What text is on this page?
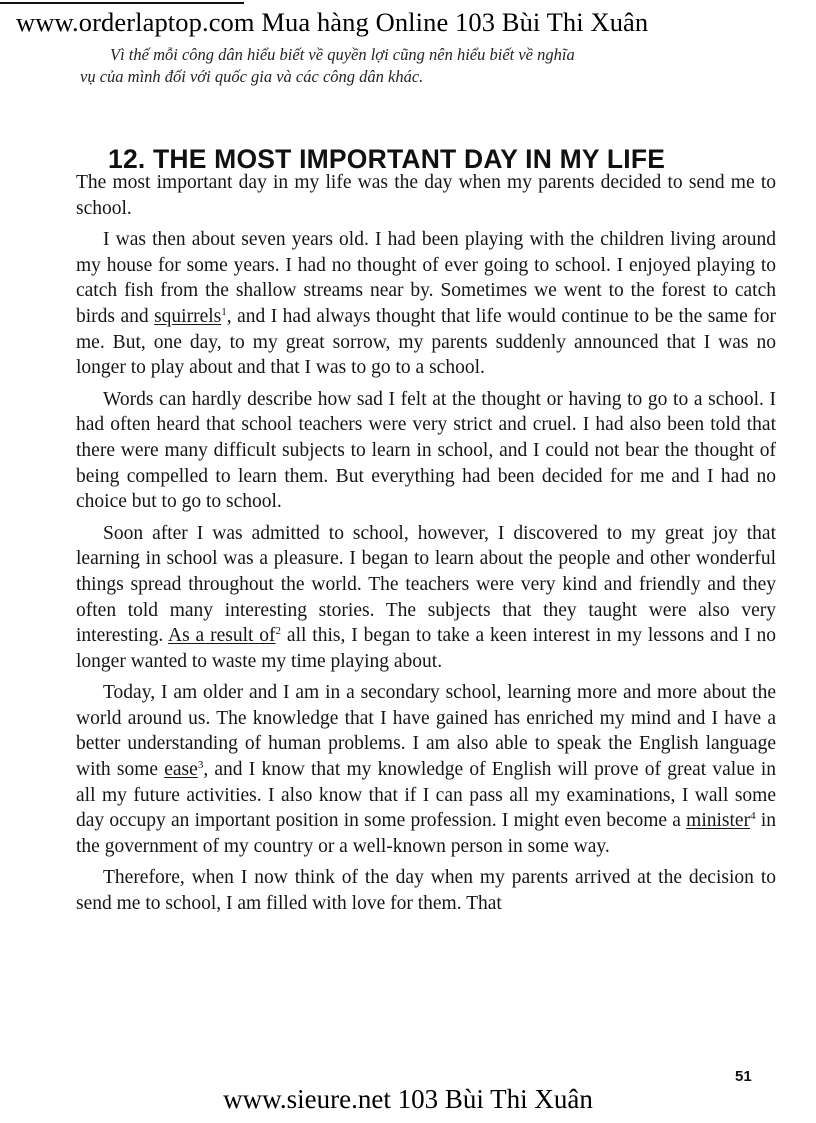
www.orderlaptop.com Mua hàng Online 103 Bùi Thi Xuân
Vì thế mỗi công dân hiểu biết về quyền lợi cũng nên hiểu biết về nghĩa
vụ của mình đối với quốc gia và các công dân khác.
12. THE MOST IMPORTANT DAY IN MY LIFE

The most important day in my life was the day when my parents decided to send me to school.

I was then about seven years old. I had been playing with the children living around my house for some years. I had no thought of ever going to school. I enjoyed playing to catch fish from the shallow streams near by. Sometimes we went to the forest to catch birds and squirrels$^1$, and I had always thought that life would continue to be the same for me. But, one day, to my great sorrow, my parents suddenly announced that I was no longer to play about and that I was to go to a school.

Words can hardly describe how sad I felt at the thought or having to go to a school. I had often heard that school teachers were very strict and cruel. I had also been told that there were many difficult subjects to learn in school, and I could not bear the thought of being compelled to learn them. But everything had been decided for me and I had no choice but to go to school.

Soon after I was admitted to school, however, I discovered to my great joy that learning in school was a pleasure. I began to learn about the people and other wonderful things spread throughout the world. The teachers were very kind and friendly and they often told many interesting stories. The subjects that they taught were also very interesting. As a result $of^2$ all this, I began to take a keen interest in my lessons and I no longer wanted to waste my time playing about.

Today, I am older and I am in a secondary school, learning more and more about the world around us. The knowledge that I have gained has enriched my mind and I have a better understanding of human problems. I am also able to speak the English language with some ease$^3$, and I know that my knowledge of English will prove of great value in all my future activities. I also know that if I can pass all my examinations, I wall some day occupy an important position in some profession. I might even become a minister$^4$ in the government of my country or a well-known person in some way.

Therefore, when I now think of the day when my parents arrived at the decision to send me to school, I am filled with love for them. That

51
www.sieure.net 103 Bùi Thi Xuân
